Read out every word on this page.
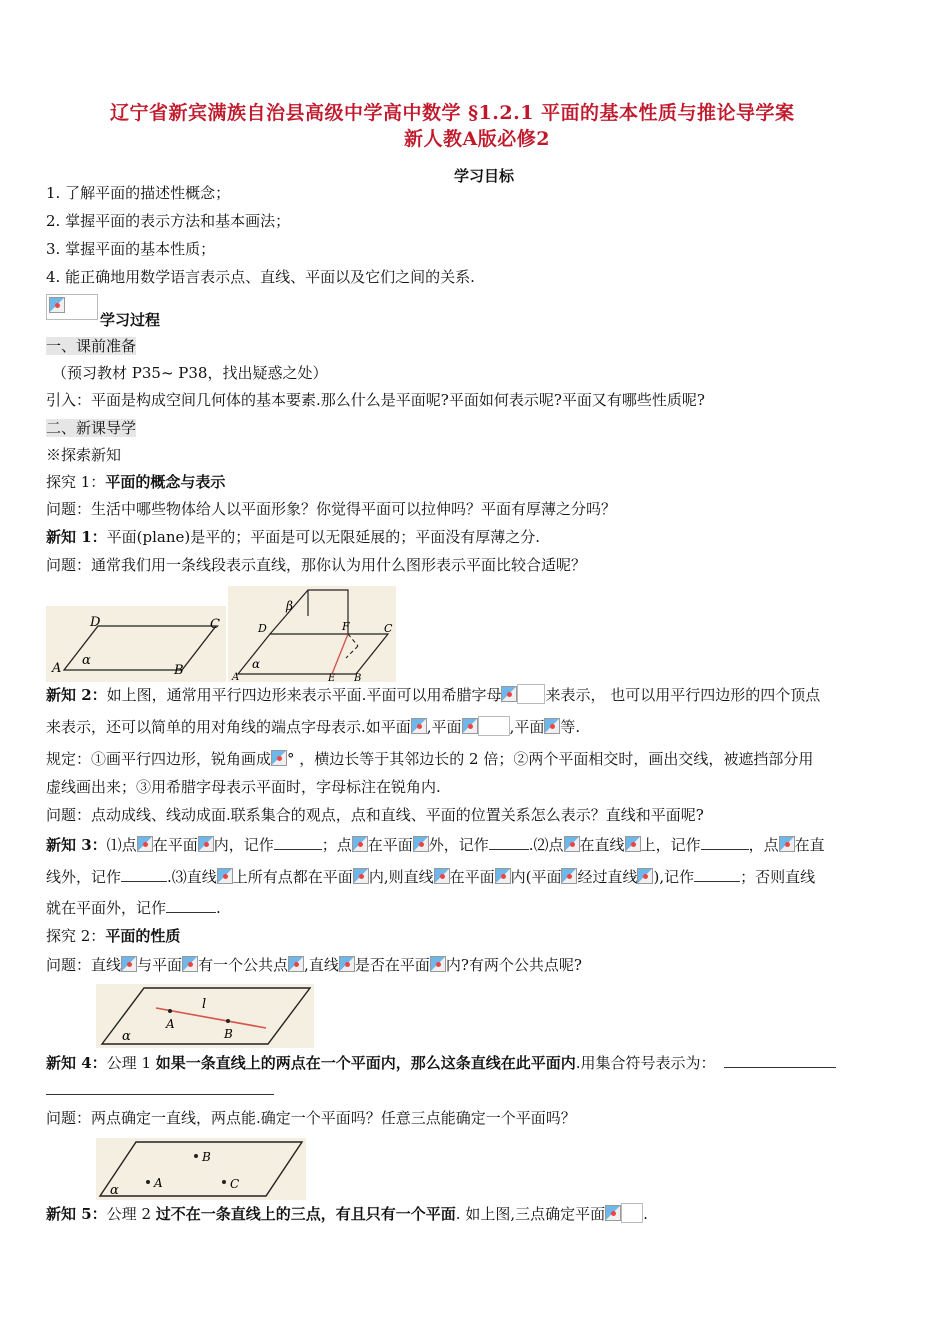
辽宁省新宾满族自治县高级中学高中数学 §1.2.1 平面的基本性质与推论导学案
新人教A版必修2
学习目标
1. 了解平面的描述性概念；
2. 掌握平面的表示方法和基本画法；
3. 掌握平面的基本性质；
4. 能正确地用数学语言表示点、直线、平面以及它们之间的关系.
学习过程
一、课前准备
（预习教材 P35~ P38，找出疑惑之处）
引入：平面是构成空间几何体的基本要素.那么什么是平面呢?平面如何表示呢?平面又有哪些性质呢?
二、新课导学
※探索新知
探究 1：平面的概念与表示
问题：生活中哪些物体给人以平面形象？你觉得平面可以拉伸吗？平面有厚薄之分吗？
新知 1：平面(plane)是平的；平面是可以无限延展的；平面没有厚薄之分.
问题：通常我们用一条线段表示直线，那你认为用什么图形表示平面比较合适呢？
D	C
A	B
α
β
D	F	C
α
A	E B
新知 2：如上图，通常用平行四边形来表示平面.平面可以用希腊字母	来表示， 也可以用平行四边形的四个顶点
来表示，还可以简单的用对角线的端点字母表示.如平面 ,平面	,平面 等.
规定：①画平行四边形，锐角画成 ° ，横边长等于其邻边长的 2 倍；②两个平面相交时，画出交线，被遮挡部分用
虚线画出来；③用希腊字母表示平面时，字母标注在锐角内.
问题：点动成线、线动成面.联系集合的观点，点和直线、平面的位置关系怎么表示？直线和平面呢?
新知 3：⑴点 在平面 内，记作	；点 在平面 外，记作	.⑵点 在直线 上，记作	，点 在直
线外，记作	.⑶直线 上所有点都在平面 内,则直线 在平面 内(平面 经过直线 ),记作	；否则直线
就在平面外，记作	.
探究 2：平面的性质
问题：直线 与平面 有一个公共点 ,直线 是否在平面 内?有两个公共点呢?
l
A
B
α
新知 4：公理 1 如果一条直线上的两点在一个平面内，那么这条直线在此平面内.用集合符号表示为：
问题：两点确定一直线，两点能.确定一个平面吗？任意三点能确定一个平面吗？
B
A	C
α
新知 5：公理 2 过不在一条直线上的三点，有且只有一个平面. 如上图,三点确定平面	.
